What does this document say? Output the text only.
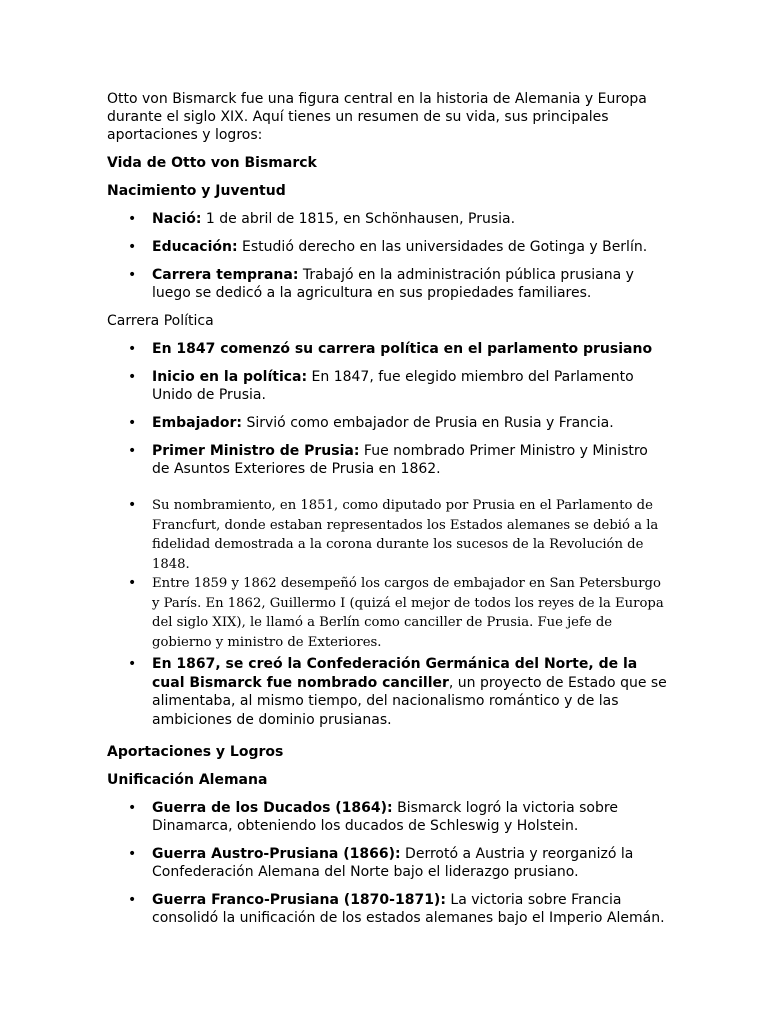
Otto von Bismarck fue una figura central en la historia de Alemania y Europa durante el siglo XIX. Aquí tienes un resumen de su vida, sus principales aportaciones y logros:

Vida de Otto von Bismarck

Nacimiento y Juventud

• Nació: 1 de abril de 1815, en Schönhausen, Prusia.
• Educación: Estudió derecho en las universidades de Gotinga y Berlín.
• Carrera temprana: Trabajó en la administración pública prusiana y luego se dedicó a la agricultura en sus propiedades familiares.

Carrera Política

• En 1847 comenzó su carrera política en el parlamento prusiano
• Inicio en la política: En 1847, fue elegido miembro del Parlamento Unido de Prusia.
• Embajador: Sirvió como embajador de Prusia en Rusia y Francia.
• Primer Ministro de Prusia: Fue nombrado Primer Ministro y Ministro de Asuntos Exteriores de Prusia en 1862.
• Su nombramiento, en 1851, como diputado por Prusia en el Parlamento de Francfurt, donde estaban representados los Estados alemanes se debió a la fidelidad demostrada a la corona durante los sucesos de la Revolución de 1848.
• Entre 1859 y 1862 desempeñó los cargos de embajador en San Petersburgo y París. En 1862, Guillermo I (quizá el mejor de todos los reyes de la Europa del siglo XIX), le llamó a Berlín como canciller de Prusia. Fue jefe de gobierno y ministro de Exteriores.
• En 1867, se creó la Confederación Germánica del Norte, de la cual Bismarck fue nombrado canciller, un proyecto de Estado que se alimentaba, al mismo tiempo, del nacionalismo romántico y de las ambiciones de dominio prusianas.

Aportaciones y Logros

Unificación Alemana

• Guerra de los Ducados (1864): Bismarck logró la victoria sobre Dinamarca, obteniendo los ducados de Schleswig y Holstein.
• Guerra Austro-Prusiana (1866): Derrotó a Austria y reorganizó la Confederación Alemana del Norte bajo el liderazgo prusiano.
• Guerra Franco-Prusiana (1870-1871): La victoria sobre Francia consolidó la unificación de los estados alemanes bajo el Imperio Alemán.
